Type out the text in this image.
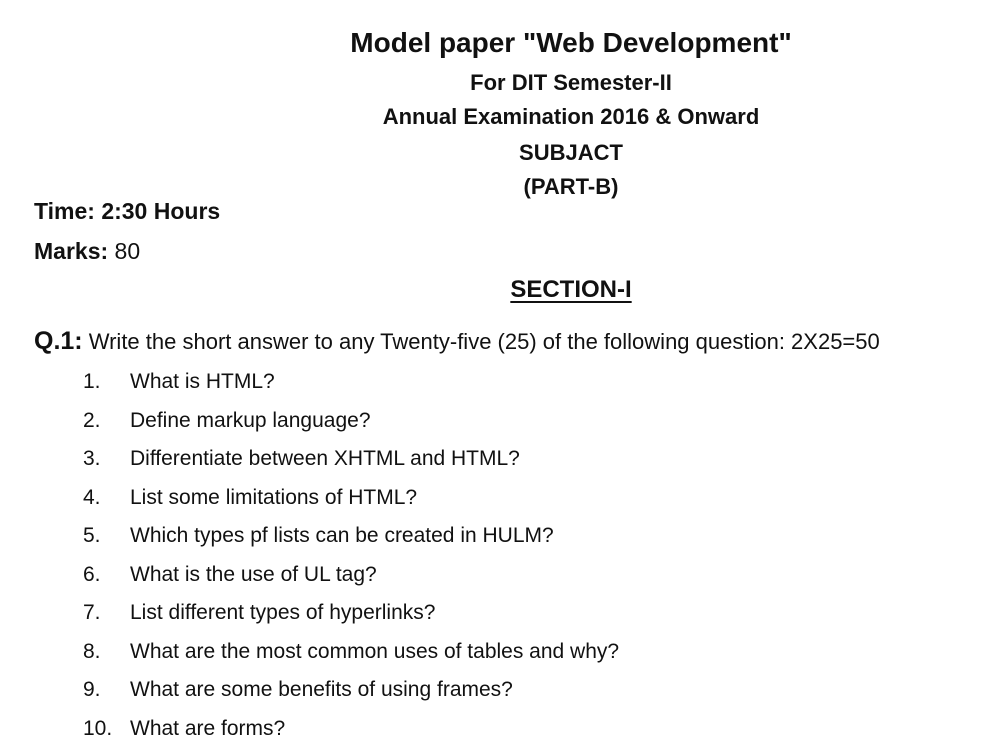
Model paper "Web Development"
For DIT Semester-II
Annual Examination 2016 & Onward
SUBJACT
(PART-B)
Time: 2:30 Hours
Marks: 80
SECTION-I
Q.1: Write the short answer to any Twenty-five (25) of the following question: 2X25=50
1.	What is HTML?
2.	Define markup language?
3.	Differentiate between XHTML and HTML?
4.	List some limitations of HTML?
5.	Which types pf lists can be created in HULM?
6.	What is the use of UL tag?
7.	List different types of hyperlinks?
8.	What are the most common uses of tables and why?
9.	What are some benefits of using frames?
10. What are forms?
